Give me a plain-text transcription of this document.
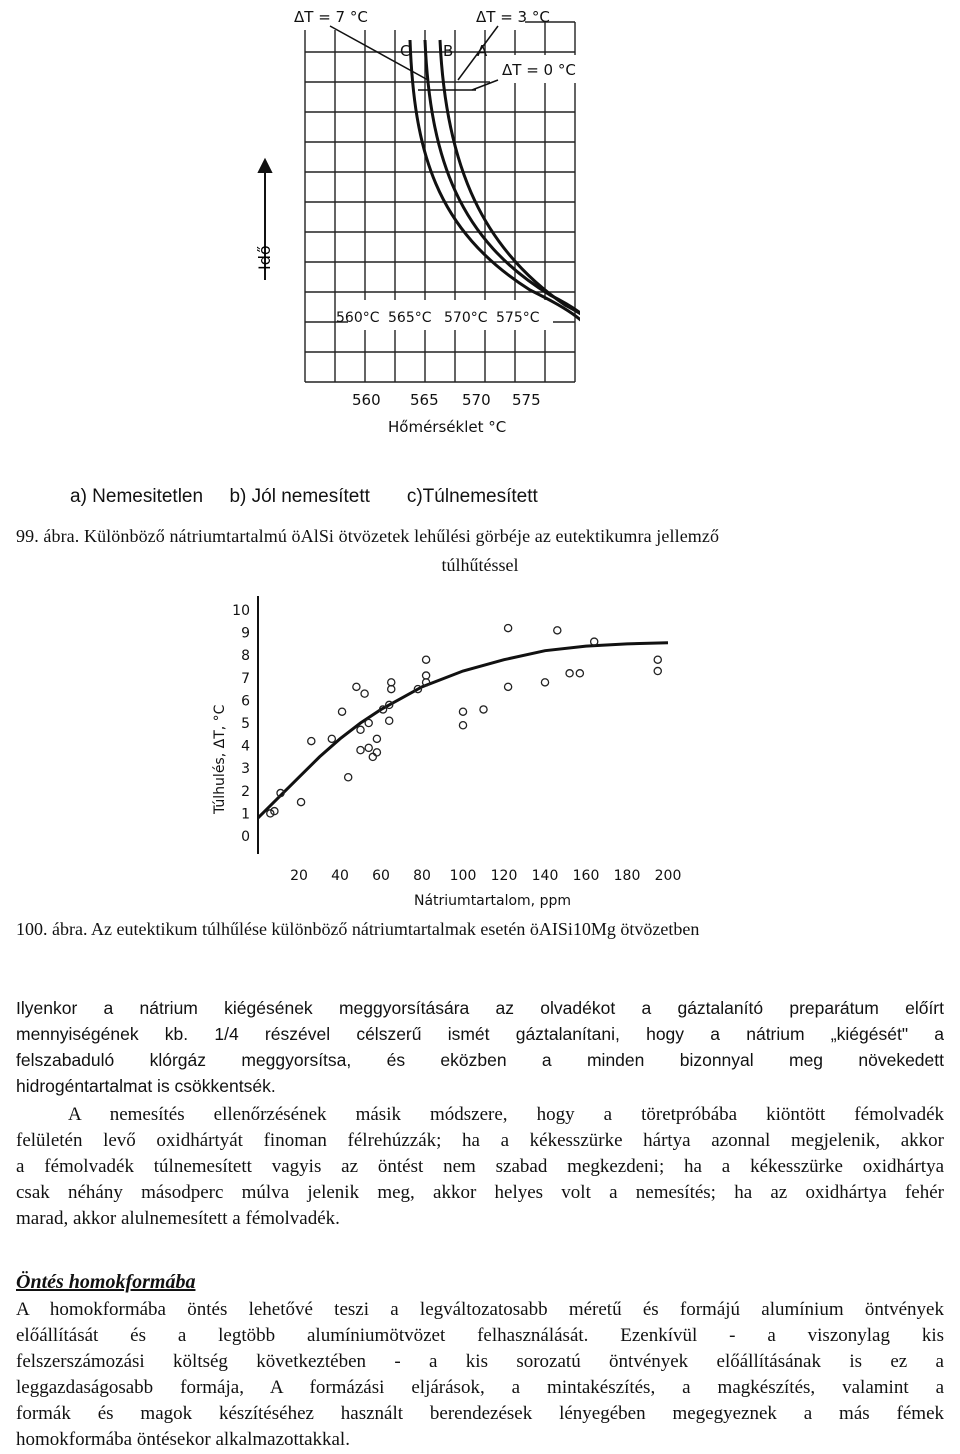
ΔT = 7 °C	ΔT = 3 °C
ΔT = 0 °C
C B A
Idő
560°C 565°C 570°C 575°C
560 565 570 575
Hőmérséklet °C
a) Nemesitetlen     b) Jól nemesített       c)Túlnemesített
99. ábra. Különböző nátriumtartalmú öAlSi ötvözetek lehűlési görbéje az eutektikumra jellemző
túlhűtéssel
0
1
2
3
4
5
6
7
8
9
10
20 40 60 80 100 120 140 160 180 200
Túlhulés, ΔT, °C
Nátriumtartalom, ppm
100. ábra. Az eutektikum túlhűlése különböző nátriumtartalmak esetén öAISi10Mg ötvözetben
Ilyenkor a nátrium kiégésének meggyorsítására az olvadékot a gáztalanító preparátum előírt
mennyiségének kb. 1/4 részével célszerű ismét gáztalanítani, hogy a nátrium „kiégését" a
felszabaduló klórgáz meggyorsítsa, és eközben a minden bizonnyal meg növekedett
hidrogéntartalmat is csökkentsék.
A nemesítés ellenőrzésének másik módszere, hogy a töretpróbába kiöntött fémolvadék
felületén levő oxidhártyát finoman félrehúzzák; ha a kékesszürke hártya azonnal megjelenik, akkor
a fémolvadék túlnemesített vagyis az öntést nem szabad megkezdeni; ha a kékesszürke oxidhártya
csak néhány másodperc múlva jelenik meg, akkor helyes volt a nemesítés; ha az oxidhártya fehér
marad, akkor alulnemesített a fémolvadék.
Öntés homokformába
A homokformába öntés lehetővé teszi a legváltozatosabb méretű és formájú alumínium öntvények
előállítását és a legtöbb alumíniumötvözet felhasználását. Ezenkívül - a viszonylag kis
felszerszámozási költség következtében - a kis sorozatú öntvények előállításának is ez a
leggazdaságosabb formája, A formázási eljárások, a mintakészítés, a magkészítés, valamint a
formák és magok készítéséhez használt berendezések lényegében megegyeznek a más fémek
homokformába öntésekor alkalmazottakkal.
